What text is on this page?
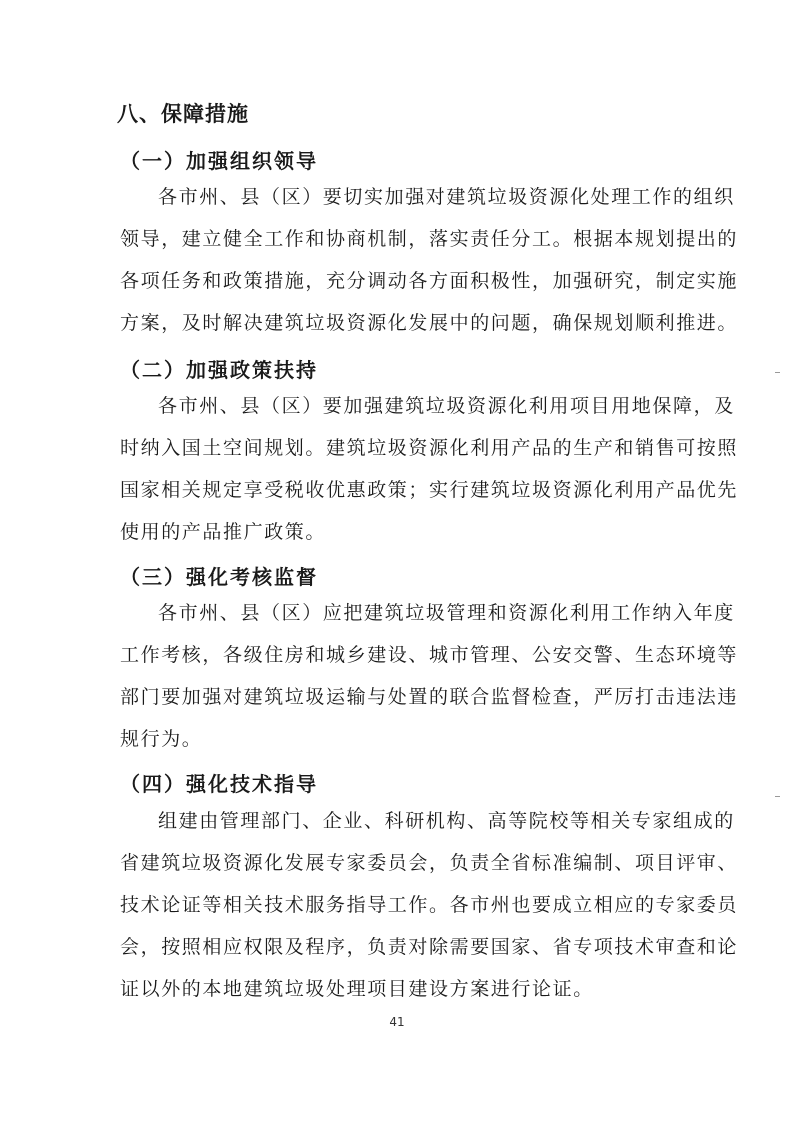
八、保障措施
（一）加强组织领导

各市州、县（区）要切实加强对建筑垃圾资源化处理工作的组织
领导，建立健全工作和协商机制，落实责任分工。根据本规划提出的
各项任务和政策措施，充分调动各方面积极性，加强研究，制定实施
方案，及时解决建筑垃圾资源化发展中的问题，确保规划顺利推进。

（二）加强政策扶持

各市州、县（区）要加强建筑垃圾资源化利用项目用地保障，及
时纳入国土空间规划。建筑垃圾资源化利用产品的生产和销售可按照
国家相关规定享受税收优惠政策；实行建筑垃圾资源化利用产品优先
使用的产品推广政策。

（三）强化考核监督

各市州、县（区）应把建筑垃圾管理和资源化利用工作纳入年度
工作考核，各级住房和城乡建设、城市管理、公安交警、生态环境等
部门要加强对建筑垃圾运输与处置的联合监督检查，严厉打击违法违
规行为。

（四）强化技术指导

组建由管理部门、企业、科研机构、高等院校等相关专家组成的
省建筑垃圾资源化发展专家委员会，负责全省标准编制、项目评审、
技术论证等相关技术服务指导工作。各市州也要成立相应的专家委员
会，按照相应权限及程序，负责对除需要国家、省专项技术审查和论
证以外的本地建筑垃圾处理项目建设方案进行论证。

41
